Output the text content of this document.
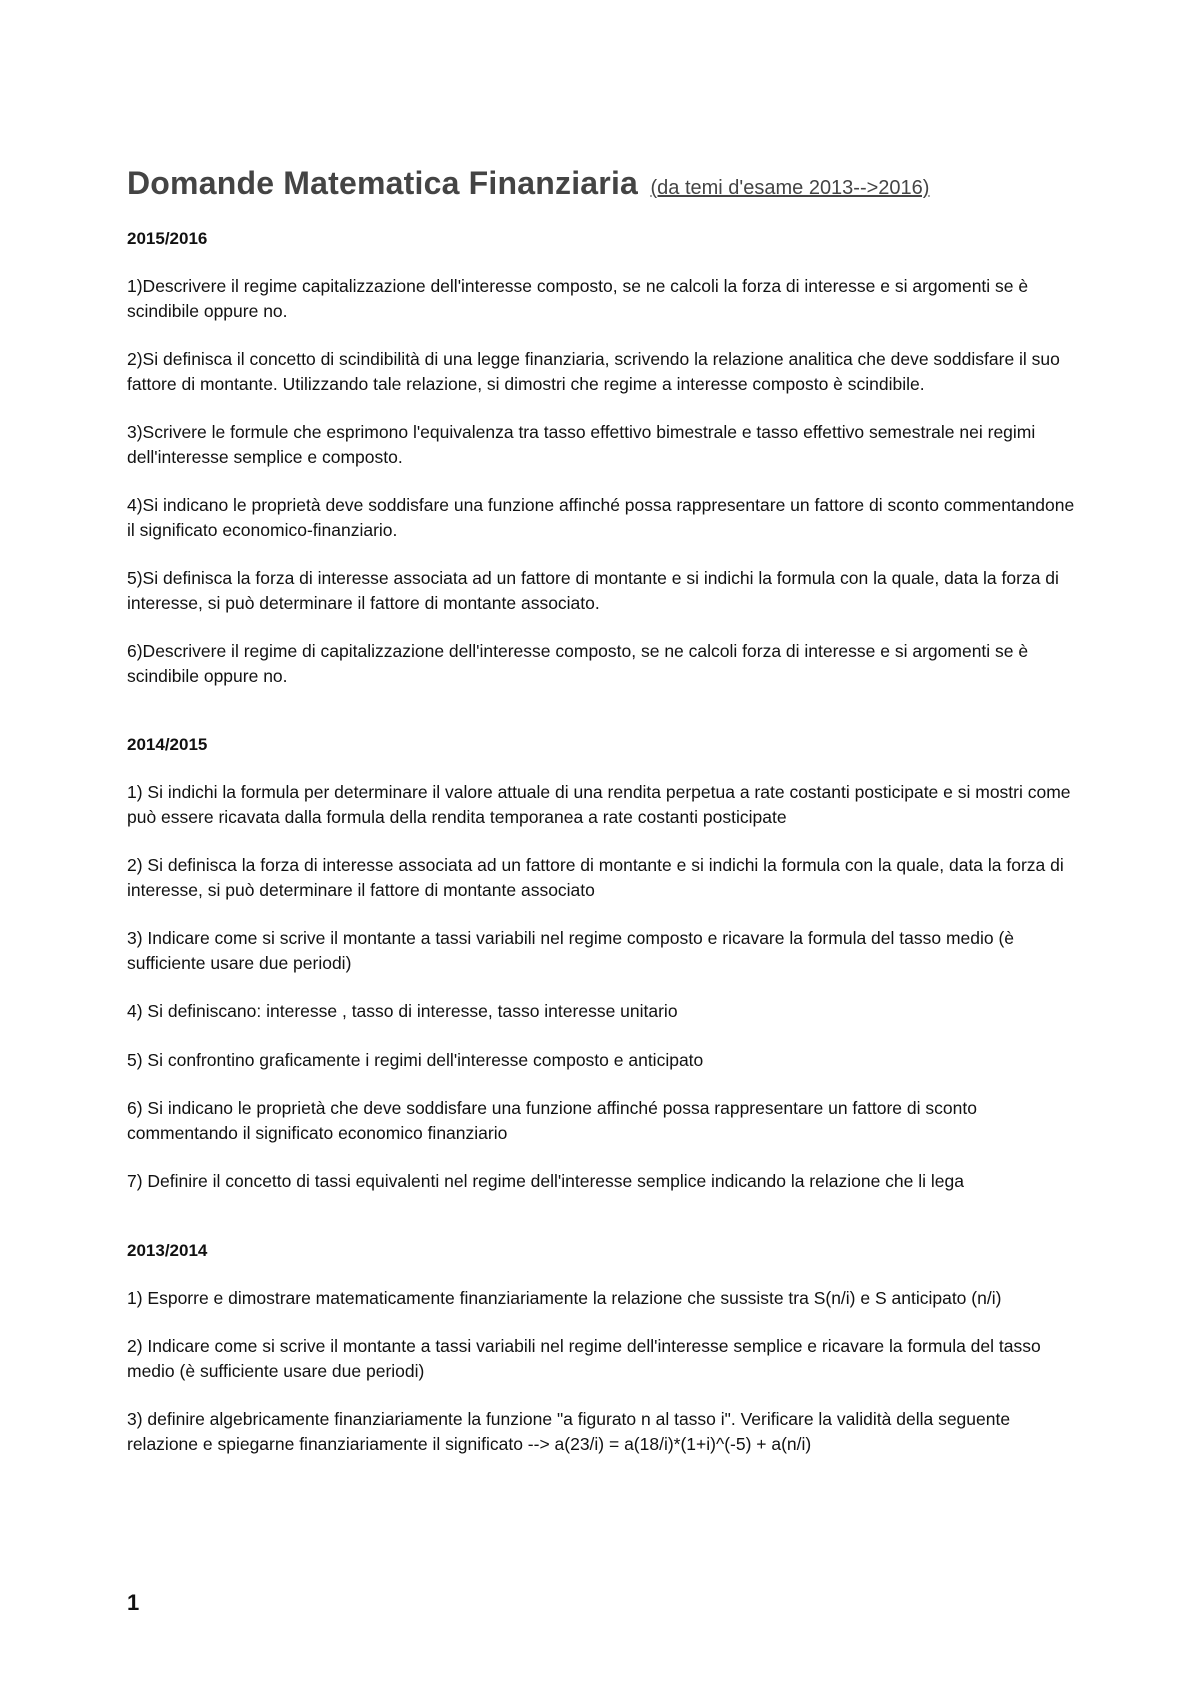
Domande Matematica Finanziaria (da temi d'esame 2013-->2016)
2015/2016

1)Descrivere il regime capitalizzazione dell'interesse composto, se ne calcoli la forza di interesse e si argomenti se è scindibile oppure no.

2)Si definisca il concetto di scindibilità di una legge finanziaria, scrivendo la relazione analitica che deve soddisfare il suo fattore di montante. Utilizzando tale relazione, si dimostri che regime a interesse composto è scindibile.

3)Scrivere le formule che esprimono l'equivalenza tra tasso effettivo bimestrale e tasso effettivo semestrale nei regimi dell'interesse semplice e composto.

4)Si indicano le proprietà deve soddisfare una funzione affinché possa rappresentare un fattore di sconto commentandone il significato economico-finanziario.

5)Si definisca la forza di interesse associata ad un fattore di montante e si indichi la formula con la quale, data la forza di interesse, si può determinare il fattore di montante associato.

6)Descrivere il regime di capitalizzazione dell'interesse composto, se ne calcoli forza di interesse e si argomenti se è scindibile oppure no.

2014/2015

1) Si indichi la formula per determinare il valore attuale di una rendita perpetua a rate costanti posticipate e si mostri come può essere ricavata dalla formula della rendita temporanea a rate costanti posticipate

2) Si definisca la forza di interesse associata ad un fattore di montante e si indichi la formula con la quale, data la forza di interesse, si può determinare il fattore di montante associato

3) Indicare come si scrive il montante a tassi variabili nel regime composto e ricavare la formula del tasso medio (è sufficiente usare due periodi)

4) Si definiscano: interesse , tasso di interesse, tasso interesse unitario

5) Si confrontino graficamente i regimi dell'interesse composto e anticipato

6) Si indicano le proprietà che deve soddisfare una funzione affinché possa rappresentare un fattore di sconto commentando il significato economico finanziario

7) Definire il concetto di tassi equivalenti nel regime dell'interesse semplice indicando la relazione che li lega

2013/2014

1) Esporre e dimostrare matematicamente finanziariamente la relazione che sussiste tra S(n/i) e S anticipato (n/i)

2) Indicare come si scrive il montante a tassi variabili nel regime dell'interesse semplice e ricavare la formula del tasso medio (è sufficiente usare due periodi)

3) definire algebricamente finanziariamente la funzione "a figurato n al tasso i". Verificare la validità della seguente relazione e spiegarne finanziariamente il significato --> a(23/i) = a(18/i)*(1+i)^(-5) + a(n/i)

1
